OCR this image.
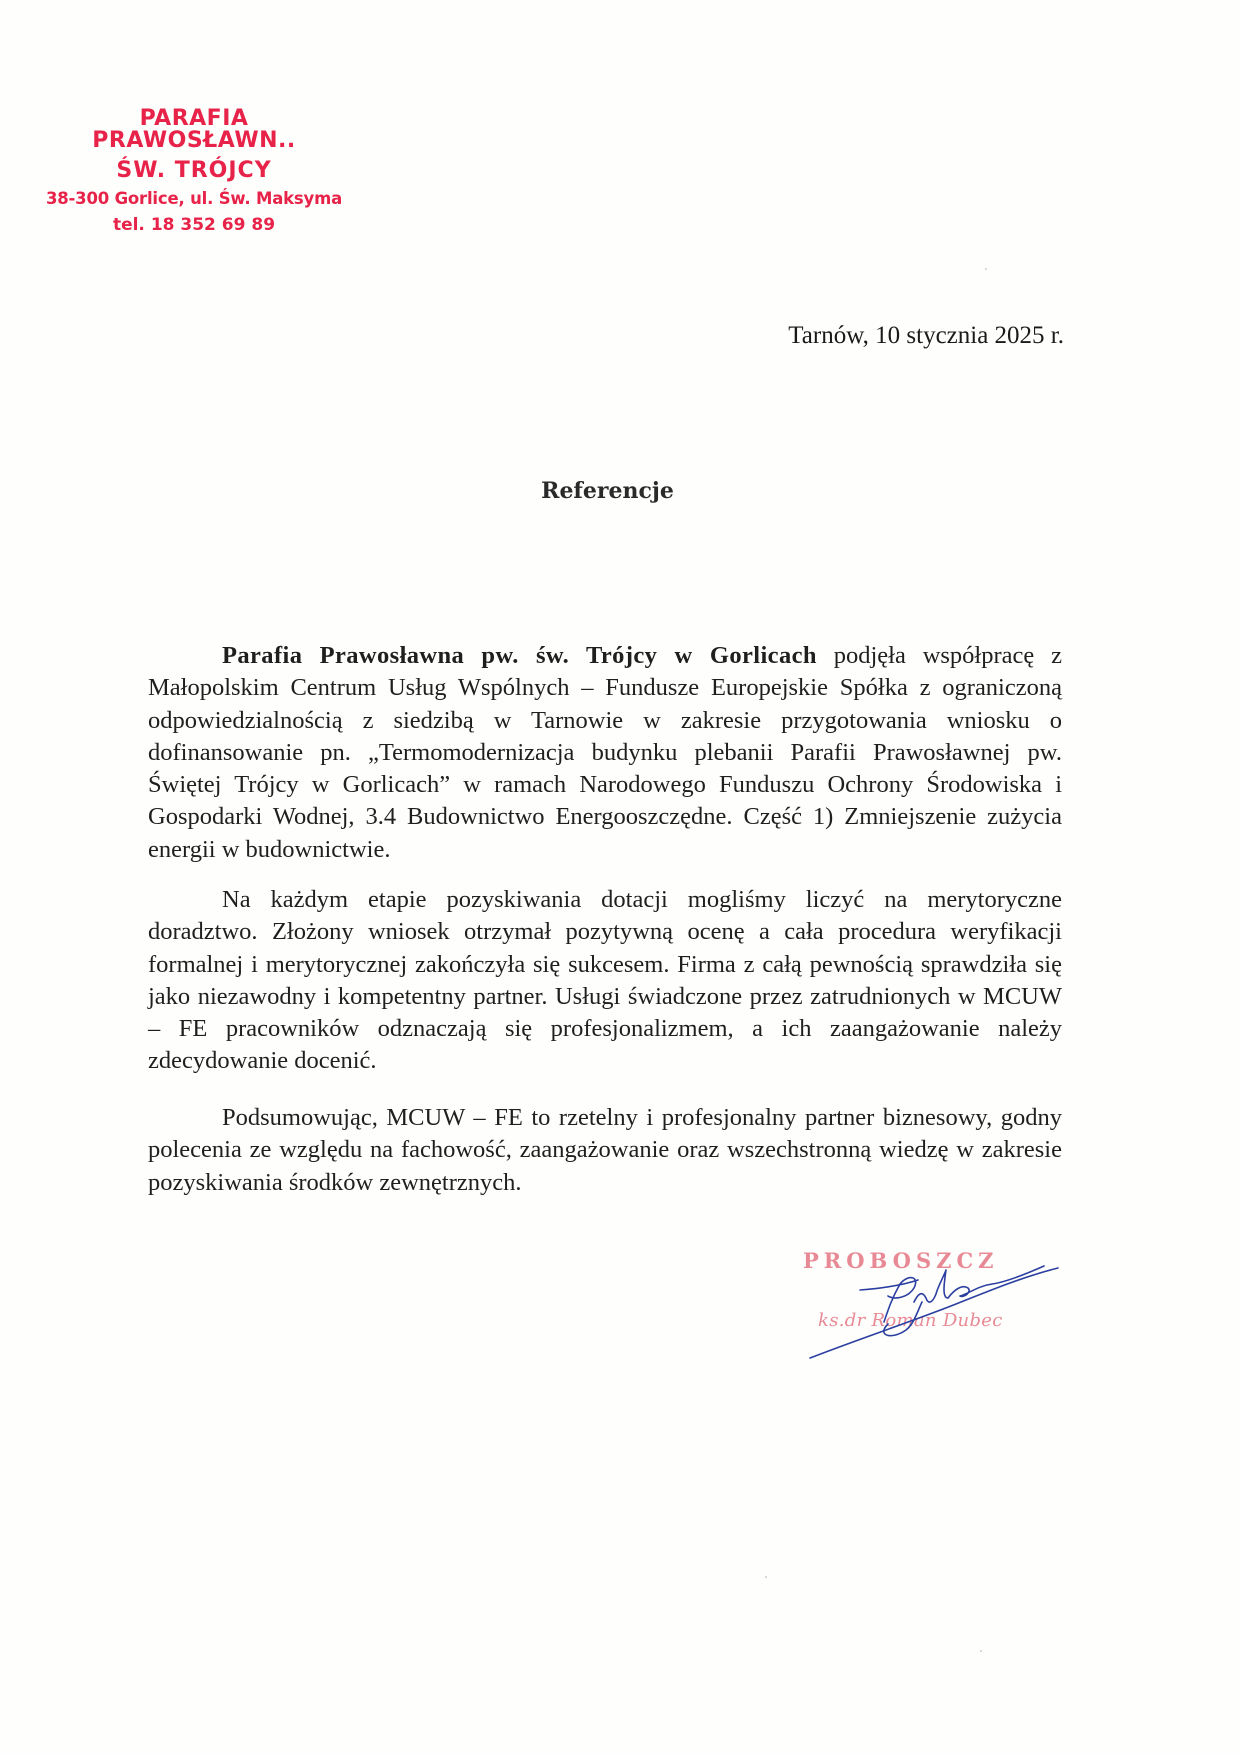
PARAFIA PRAWOSŁAWN..
ŚW. TRÓJCY
38-300 Gorlice, ul. Św. Maksyma
tel. 18 352 69 89
Tarnów, 10 stycznia 2025 r.
Referencje

Parafia Prawosławna pw. św. Trójcy w Gorlicach podjęła współpracę z Małopolskim Centrum Usług Wspólnych – Fundusze Europejskie Spółka z ograniczoną odpowiedzialnością z siedzibą w Tarnowie w zakresie przygotowania wniosku o dofinansowanie pn. „Termomodernizacja budynku plebanii Parafii Prawosławnej pw. Świętej Trójcy w Gorlicach” w ramach Narodowego Funduszu Ochrony Środowiska i Gospodarki Wodnej, 3.4 Budownictwo Energooszczędne. Część 1) Zmniejszenie zużycia energii w budownictwie.

Na każdym etapie pozyskiwania dotacji mogliśmy liczyć na merytoryczne doradztwo. Złożony wniosek otrzymał pozytywną ocenę a cała procedura weryfikacji formalnej i merytorycznej zakończyła się sukcesem. Firma z całą pewnością sprawdziła się jako niezawodny i kompetentny partner. Usługi świadczone przez zatrudnionych w MCUW – FE pracowników odznaczają się profesjonalizmem, a ich zaangażowanie należy zdecydowanie docenić.

Podsumowując, MCUW – FE to rzetelny i profesjonalny partner biznesowy, godny polecenia ze względu na fachowość, zaangażowanie oraz wszechstronną wiedzę w zakresie pozyskiwania środków zewnętrznych.

PROBOSZCZ
ks.dr Roman Dubec
